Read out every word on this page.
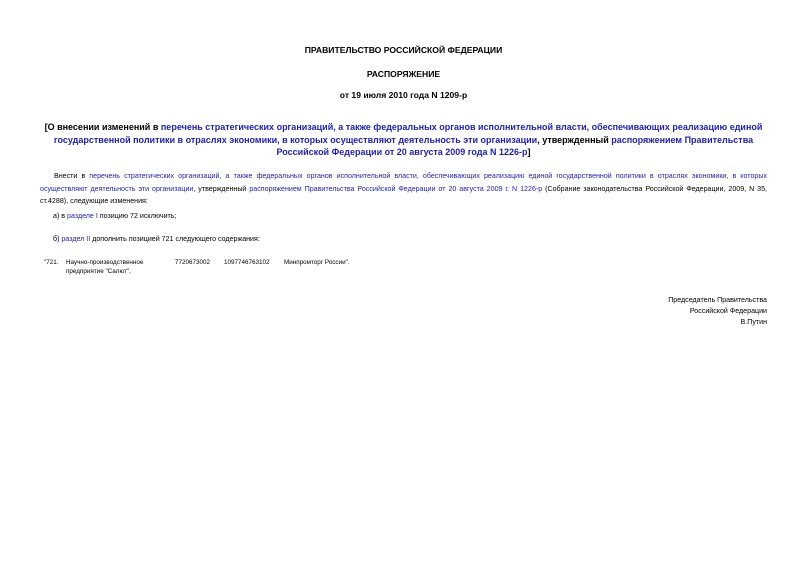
ПРАВИТЕЛЬСТВО РОССИЙСКОЙ ФЕДЕРАЦИИ
РАСПОРЯЖЕНИЕ
от 19 июля 2010 года N 1209-р
[О внесении изменений в перечень стратегических организаций, а также федеральных органов исполнительной власти, обеспечивающих реализацию единой государственной политики в отраслях экономики, в которых осуществляют деятельность эти организации, утвержденный распоряжением Правительства Российской Федерации от 20 августа 2009 года N 1226-р]
Внести в перечень стратегических организаций, а также федеральных органов исполнительной власти, обеспечивающих реализацию единой государственной политики в отраслях экономики, в которых осуществляют деятельность эти организации, утвержденный распоряжением Правительства Российской Федерации от 20 августа 2009 г. N 1226-р (Собрание законодательства Российской Федерации, 2009, N 35, ст.4288), следующие изменения:
а) в разделе I позицию 72 исключить;
б) раздел II дополнить позицией 721 следующего содержания:
"721. Научно-производственное предприятие "Салют",
7720673002 1097746763102 Минпромторг России".
Председатель Правительства
Российской Федерации
В.Путин
